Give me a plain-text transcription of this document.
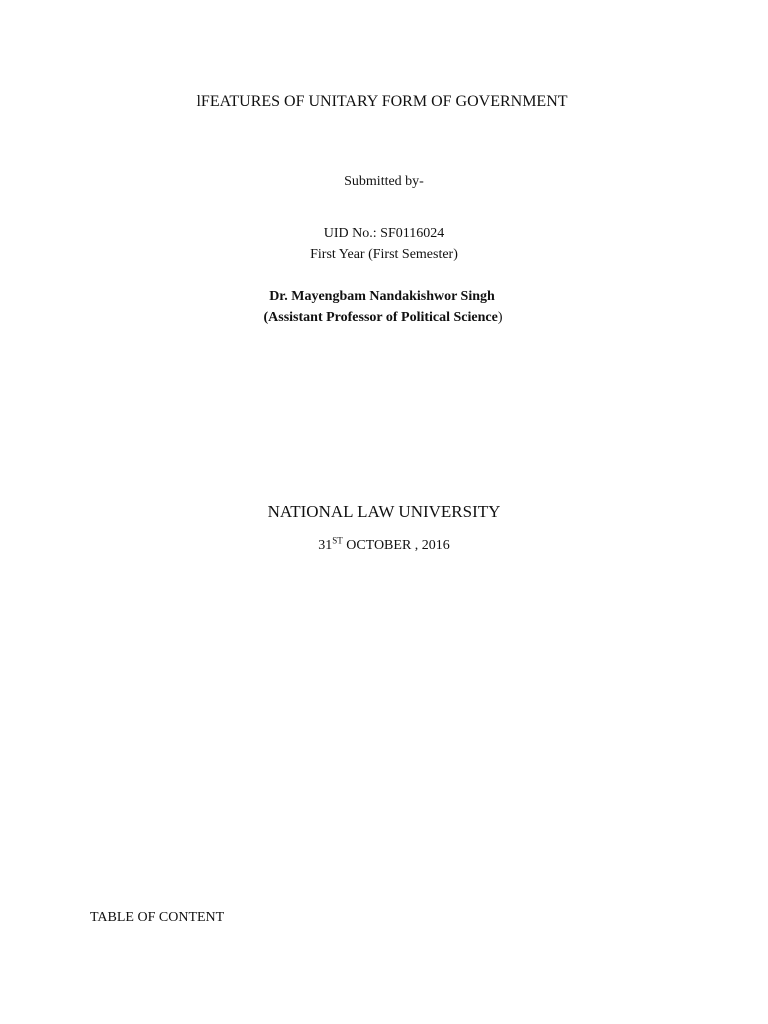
lFEATURES OF UNITARY FORM OF GOVERNMENT
Submitted by-
UID No.: SF0116024
First Year (First Semester)
Dr. Mayengbam Nandakishwor Singh
(Assistant Professor of Political Science)
NATIONAL LAW UNIVERSITY
31ST OCTOBER , 2016
TABLE OF CONTENT
